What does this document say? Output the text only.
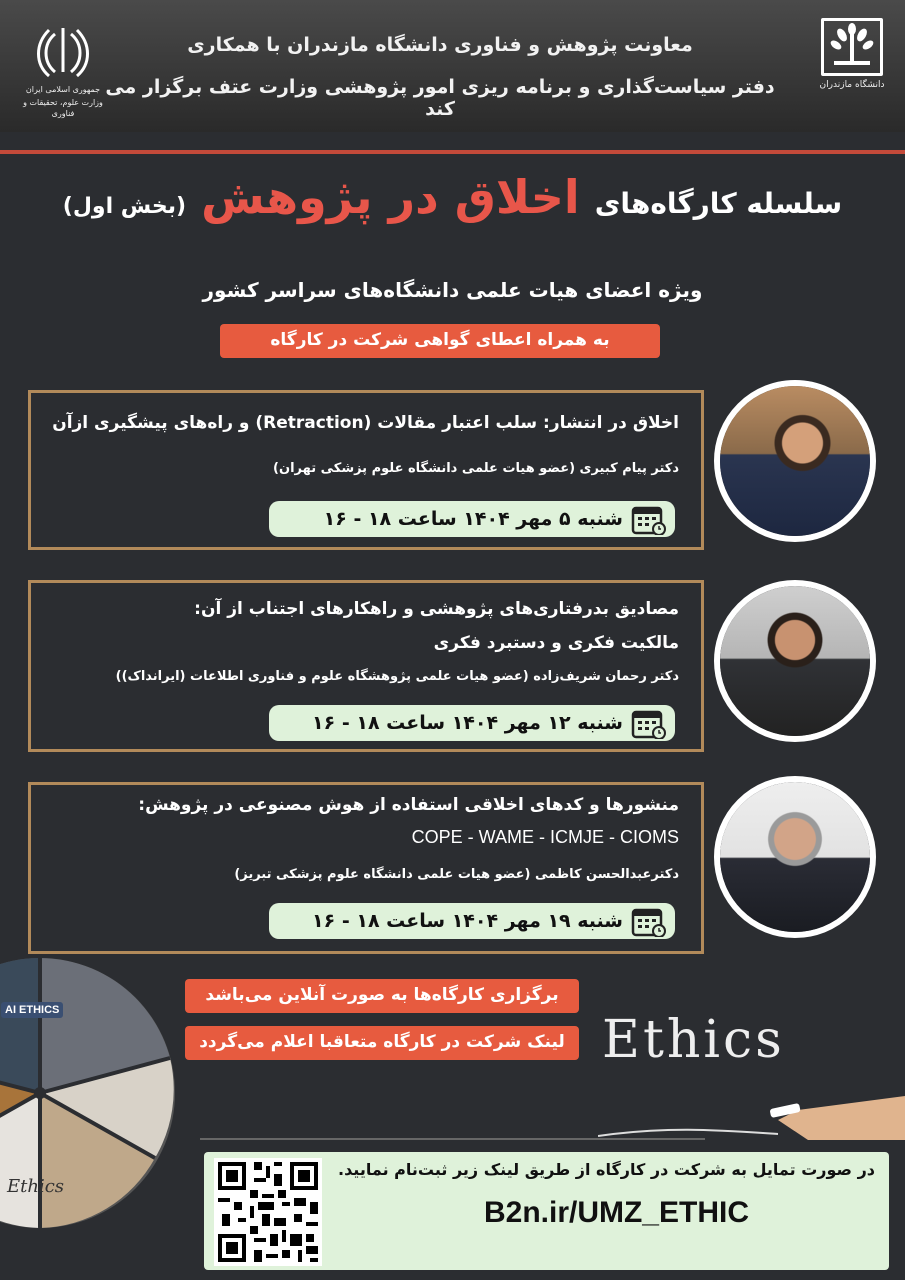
دانشگاه مازندران
معاونت پژوهش و فناوری دانشگاه مازندران با همکاری
دفتر سیاست‌گذاری و برنامه ریزی امور پژوهشی وزارت عتف برگزار می کند
جمهوری اسلامی ایران
وزارت علوم، تحقیقات و فناوری
سلسله کارگاه‌های اخلاق در پژوهش (بخش اول)
ویژه اعضای هیات علمی دانشگاه‌های سراسر کشور
به همراه اعطای گواهی شرکت در کارگاه
اخلاق در انتشار: سلب اعتبار مقالات (Retraction) و راه‌های پیشگیری ازآن
دکتر پیام کبیری (عضو هیات علمی دانشگاه علوم پزشکی تهران)
شنبه ۵ مهر ۱۴۰۴ ساعت ۱۸ - ۱۶
مصادیق بدرفتاری‌های پژوهشی و راهکارهای اجتناب از آن:
مالکیت فکری و دستبرد فکری
دکتر رحمان شریف‌زاده (عضو هیات علمی پژوهشگاه علوم و فناوری اطلاعات (ایرانداک))
شنبه ۱۲ مهر ۱۴۰۴ ساعت ۱۸ - ۱۶
منشورها و کدهای اخلاقی استفاده از هوش مصنوعی در پژوهش:
COPE - WAME - ICMJE - CIOMS
دکترعبدالحسن کاظمی (عضو هیات علمی دانشگاه علوم پزشکی تبریز)
شنبه ۱۹ مهر ۱۴۰۴ ساعت ۱۸ - ۱۶
AI ETHICS
Ethics
برگزاری کارگاه‌ها به صورت آنلاین می‌باشد
لینک شرکت در کارگاه متعاقبا اعلام می‌گردد Ethics
در صورت تمایل به شرکت در کارگاه از طریق لینک زیر ثبت‌نام نمایید.
B2n.ir/UMZ_ETHIC
